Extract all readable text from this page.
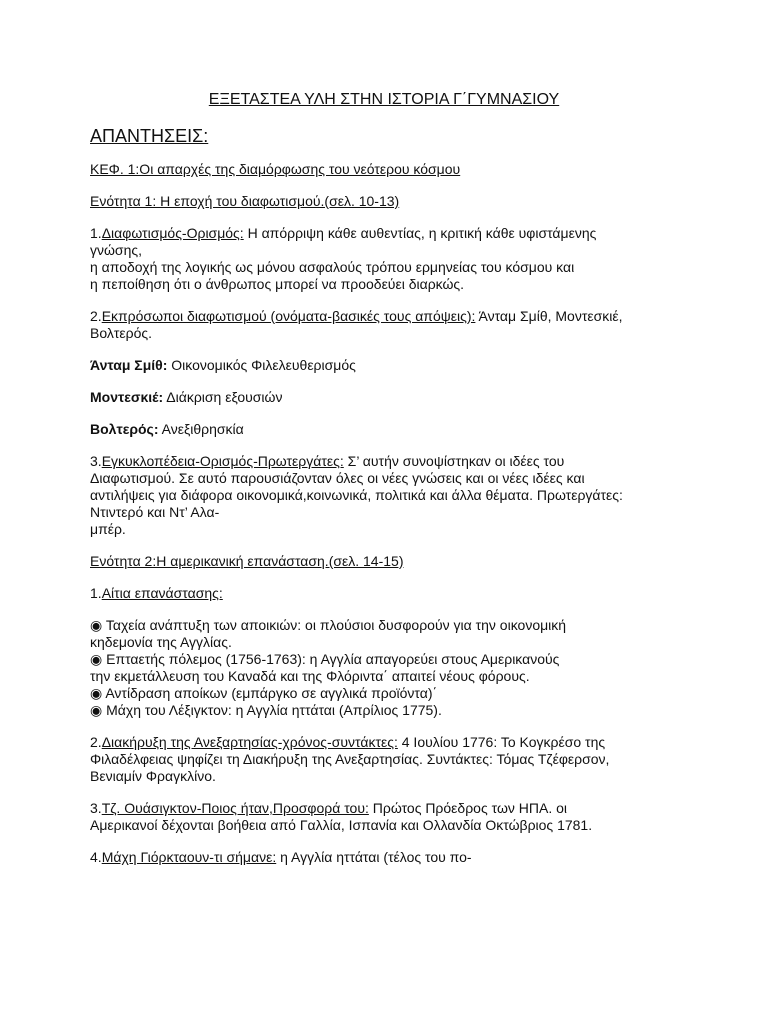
ΕΞΕΤΑΣΤΕΑ ΥΛΗ ΣΤΗΝ ΙΣΤΟΡΙΑ Γ΄ΓΥΜΝΑΣΙΟΥ
ΑΠΑΝΤΗΣΕΙΣ:

ΚΕΦ. 1:Οι απαρχές της διαμόρφωσης του νεότερου κόσμου

Ενότητα 1: Η εποχή του διαφωτισμού.(σελ. 10-13)

1.Διαφωτισμός-Ορισμός: Η απόρριψη κάθε αυθεντίας, η κριτική κάθε υφιστάμενης
γνώσης,
η αποδοχή της λογικής ως μόνου ασφαλούς τρόπου ερμηνείας του κόσμου και
η πεποίθηση ότι ο άνθρωπος μπορεί να προοδεύει διαρκώς.

2.Εκπρόσωποι διαφωτισμού (ονόματα-βασικές τους απόψεις): Άνταμ Σμίθ, Μοντεσκιέ,
Βολτερός.

Άνταμ Σμίθ: Οικονομικός Φιλελευθερισμός

Μοντεσκιέ: Διάκριση εξουσιών

Βολτερός: Ανεξιθρησκία

3.Εγκυκλοπέδεια-Ορισμός-Πρωτεργάτες: Σ’ αυτήν συνοψίστηκαν οι ιδέες του
Διαφωτισμού. Σε αυτό παρουσιάζονταν όλες οι νέες γνώσεις και οι νέες ιδέες και
αντιλήψεις για διάφορα οικονομικά,κοινωνικά, πολιτικά και άλλα θέματα. Πρωτεργάτες:
Ντιντερό και Ντ’ Αλα-
μπέρ.

Ενότητα 2:Η αμερικανική επανάσταση.(σελ. 14-15)

1.Αίτια επανάστασης:

◉ Ταχεία ανάπτυξη των αποικιών: οι πλούσιοι δυσφορούν για την οικονομική
κηδεμονία της Αγγλίας.
◉ Επταετής πόλεμος (1756-1763): η Αγγλία απαγορεύει στους Αμερικανούς
την εκμετάλλευση του Καναδά και της Φλόριντα΄ απαιτεί νέους φόρους.
◉ Αντίδραση αποίκων (εμπάργκο σε αγγλικά προϊόντα)΄
◉ Μάχη του Λέξιγκτον: η Αγγλία ηττάται (Απρίλιος 1775).

2.Διακήρυξη της Ανεξαρτησίας-χρόνος-συντάκτες: 4 Ιουλίου 1776: Το Κογκρέσο της
Φιλαδέλφειας ψηφίζει τη Διακήρυξη της Ανεξαρτησίας. Συντάκτες: Τόμας Τζέφερσον,
Βενιαμίν Φραγκλίνο.

3.Τζ. Ουάσιγκτον-Ποιος ήταν,Προσφορά του: Πρώτος Πρόεδρος των ΗΠΑ. οι
Αμερικανοί δέχονται βοήθεια από Γαλλία, Ισπανία και Ολλανδία Οκτώβριος 1781.

4.Μάχη Γιόρκταουν-τι σήμανε: η Αγγλία ηττάται (τέλος του πο-
